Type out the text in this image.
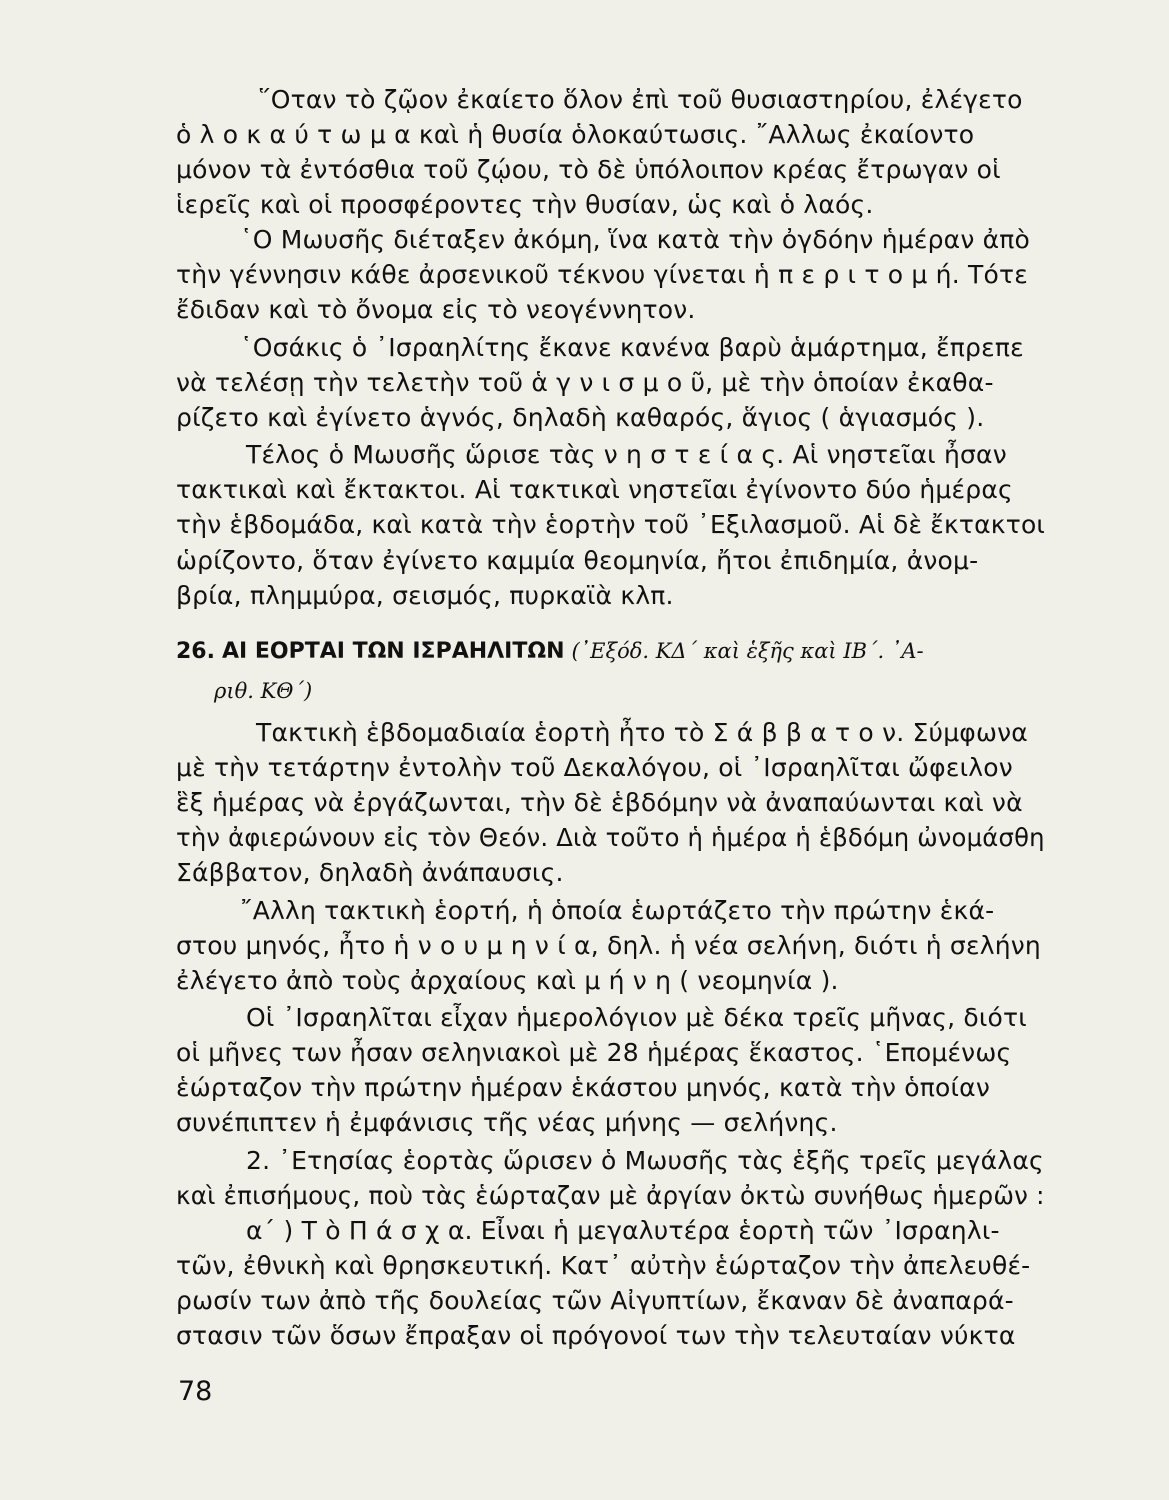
῞Οταν τὸ ζῷον ἐκαίετο ὅλον ἐπὶ τοῦ θυσιαστηρίου, ἐλέγετο
ὁ λ ο κ α ύ τ ω μ α καὶ ἡ θυσία ὁλοκαύτωσις. ῎Αλλως ἐκαίοντο
μόνον τὰ ἐντόσθια τοῦ ζῴου, τὸ δὲ ὑπόλοιπον κρέας ἔτρωγαν οἱ
ἱερεῖς καὶ οἱ προσφέροντες τὴν θυσίαν, ὡς καὶ ὁ λαός.
῾Ο Μωυσῆς διέταξεν ἀκόμη, ἵνα κατὰ τὴν ὀγδόην ἡμέραν ἀπὸ
τὴν γέννησιν κάθε ἀρσενικοῦ τέκνου γίνεται ἡ π ε ρ ι τ ο μ ή. Τότε
ἔδιδαν καὶ τὸ ὄνομα εἰς τὸ νεογέννητον.
῾Οσάκις ὁ ᾿Ισραηλίτης ἔκανε κανένα βαρὺ ἁμάρτημα, ἔπρεπε
νὰ τελέσῃ τὴν τελετὴν τοῦ ἁ γ ν ι σ μ ο ῦ, μὲ τὴν ὁποίαν ἐκαθα-
ρίζετο καὶ ἐγίνετο ἁγνός, δηλαδὴ καθαρός, ἅγιος ( ἁγιασμός ).
Τέλος ὁ Μωυσῆς ὥρισε τὰς ν η σ τ ε ί α ς. Αἱ νηστεῖαι ἦσαν
τακτικαὶ καὶ ἔκτακτοι. Αἱ τακτικαὶ νηστεῖαι ἐγίνοντο δύο ἡμέρας
τὴν ἑβδομάδα, καὶ κατὰ τὴν ἑορτὴν τοῦ ᾿Εξιλασμοῦ. Αἱ δὲ ἔκτακτοι
ὡρίζοντο, ὅταν ἐγίνετο καμμία θεομηνία, ἤτοι ἐπιδημία, ἀνομ-
βρία, πλημμύρα, σεισμός, πυρκαϊὰ κλπ.
26. ΑΙ ΕΟΡΤΑΙ ΤΩΝ ΙΣΡΑΗΛΙΤΩΝ (᾿Εξόδ. ΚΔ΄ καὶ ἑξῆς καὶ ΙΒ΄. ᾿Α-
ριθ. ΚΘ΄)
Τακτικὴ ἑβδομαδιαία ἑορτὴ ἦτο τὸ Σ ά β β α τ ο ν. Σύμφωνα
μὲ τὴν τετάρτην ἐντολὴν τοῦ Δεκαλόγου, οἱ ᾿Ισραηλῖται ὤφειλον
ἓξ ἡμέρας νὰ ἐργάζωνται, τὴν δὲ ἑβδόμην νὰ ἀναπαύωνται καὶ νὰ
τὴν ἀφιερώνουν εἰς τὸν Θεόν. Διὰ τοῦτο ἡ ἡμέρα ἡ ἑβδόμη ὠνομάσθη
Σάββατον, δηλαδὴ ἀνάπαυσις.
῎Αλλη τακτικὴ ἑορτή, ἡ ὁποία ἑωρτάζετο τὴν πρώτην ἑκά-
στου μηνός, ἦτο ἡ ν ο υ μ η ν ί α, δηλ. ἡ νέα σελήνη, διότι ἡ σελήνη
ἐλέγετο ἀπὸ τοὺς ἀρχαίους καὶ μ ή ν η ( νεομηνία ).
Οἱ ᾿Ισραηλῖται εἶχαν ἡμερολόγιον μὲ δέκα τρεῖς μῆνας, διότι
οἱ μῆνες των ἦσαν σεληνιακοὶ μὲ 28 ἡμέρας ἕκαστος. ῾Επομένως
ἑώρταζον τὴν πρώτην ἡμέραν ἑκάστου μηνός, κατὰ τὴν ὁποίαν
συνέπιπτεν ἡ ἐμφάνισις τῆς νέας μήνης — σελήνης.
2. ᾿Ετησίας ἑορτὰς ὥρισεν ὁ Μωυσῆς τὰς ἑξῆς τρεῖς μεγάλας
καὶ ἐπισήμους, ποὺ τὰς ἑώρταζαν μὲ ἀργίαν ὀκτὼ συνήθως ἡμερῶν :
α΄ ) Τ ὸ Π ά σ χ α. Εἶναι ἡ μεγαλυτέρα ἑορτὴ τῶν ᾿Ισραηλι-
τῶν, ἐθνικὴ καὶ θρησκευτική. Κατ᾿ αὐτὴν ἑώρταζον τὴν ἀπελευθέ-
ρωσίν των ἀπὸ τῆς δουλείας τῶν Αἰγυπτίων, ἔκαναν δὲ ἀναπαρά-
στασιν τῶν ὅσων ἔπραξαν οἱ πρόγονοί των τὴν τελευταίαν νύκτα
78
